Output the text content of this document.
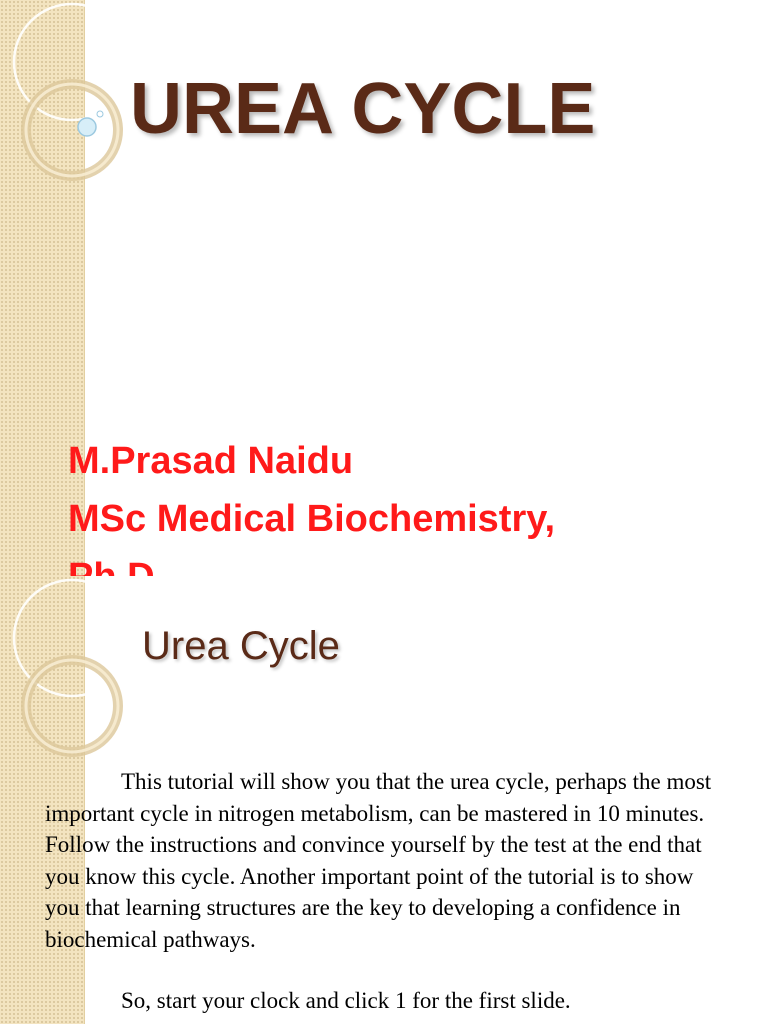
UREA CYCLE
M.Prasad Naidu
MSc Medical Biochemistry,
Urea Cycle

This tutorial will show you that the urea cycle, perhaps the most important cycle in nitrogen metabolism, can be mastered in 10 minutes. Follow the instructions and convince yourself by the test at the end that you know this cycle. Another important point of the tutorial is to show you that learning structures are the key to developing a confidence in biochemical pathways.

So, start your clock and click 1 for the first slide.
